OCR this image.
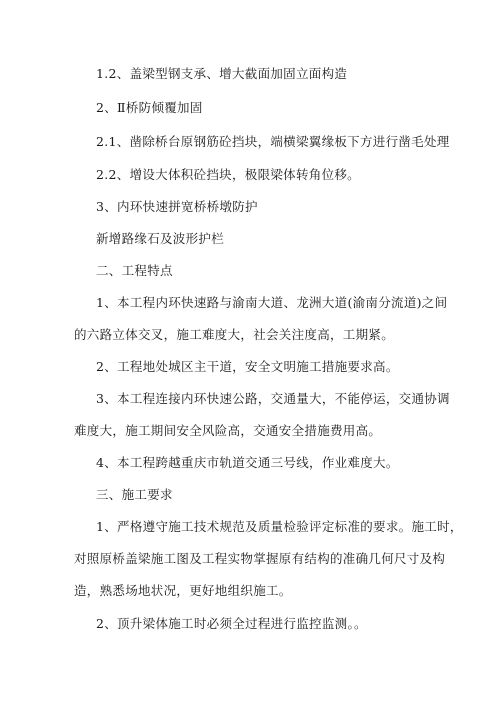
1.2、盖梁型钢支承、增大截面加固立面构造
2、Ⅱ桥防倾覆加固
2.1、凿除桥台原钢筋砼挡块，端横梁翼缘板下方进行凿毛处理
2.2、增设大体积砼挡块，极限梁体转角位移。
3、内环快速拼宽桥桥墩防护
新增路缘石及波形护栏
二、工程特点
1、本工程内环快速路与渝南大道、龙洲大道(渝南分流道)之间
的六路立体交叉，施工难度大，社会关注度高，工期紧。
2、工程地处城区主干道，安全文明施工措施要求高。
3、本工程连接内环快速公路，交通量大，不能停运，交通协调
难度大，施工期间安全风险高，交通安全措施费用高。
4、本工程跨越重庆市轨道交通三号线，作业难度大。
三、施工要求
1、严格遵守施工技术规范及质量检验评定标准的要求。施工时，
对照原桥盖梁施工图及工程实物掌握原有结构的准确几何尺寸及构
造，熟悉场地状况，更好地组织施工。
2、顶升梁体施工时必须全过程进行监控监测。。
